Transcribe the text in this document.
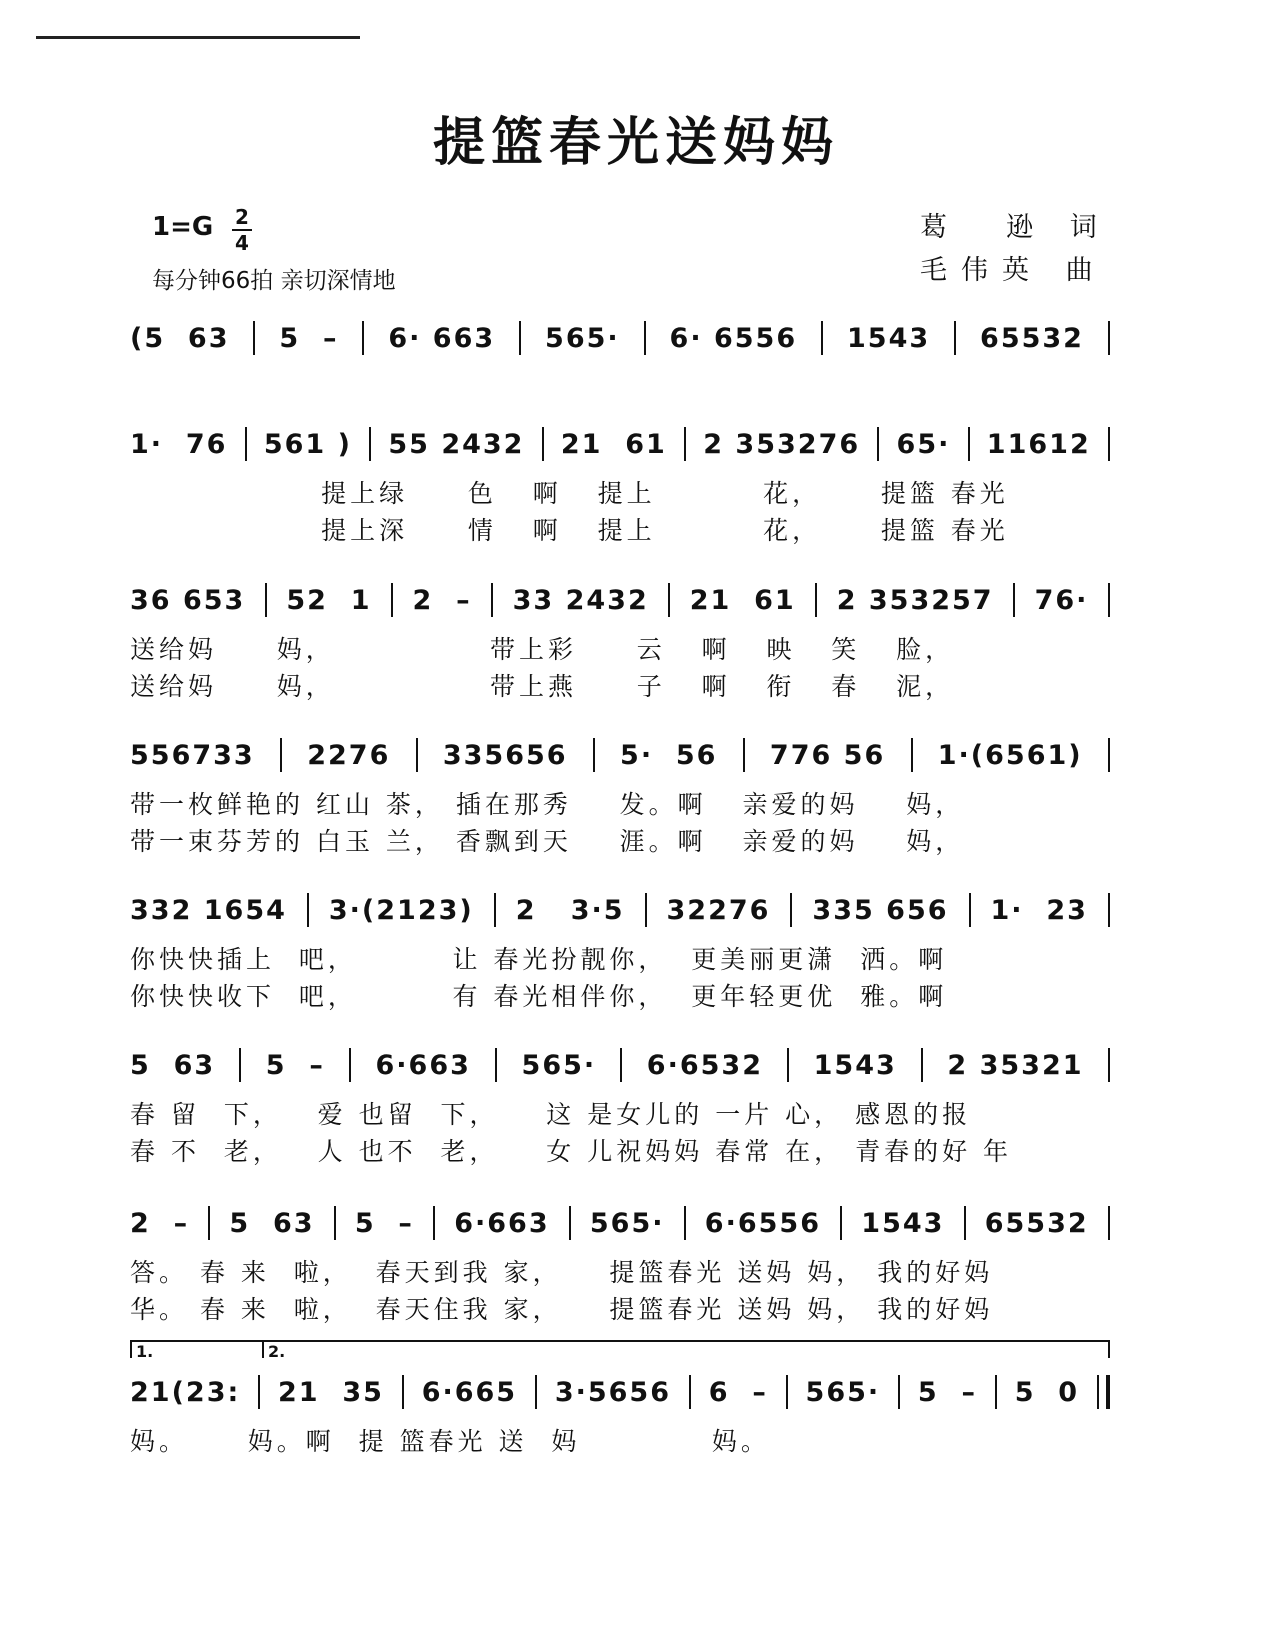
提篮春光送妈妈
1=G 2
4
每分钟66拍 亲切深情地
葛  逊 词
毛伟英 曲
(5  63 5  – 6· 663 565· 6· 6556 1543 65532
1·  76 561 ) 55 2432 21  61 2 353276 65· 11612
提上绿     色   啊   提上         花，     提篮 春光
提上深     情   啊   提上         花，     提篮 春光
36 653 52  1 2  – 33 2432 21  61 2 353257 76·
送给妈     妈，             带上彩     云   啊   映   笑   脸，
送给妈     妈，             带上燕     子   啊   衔   春   泥，
556733 2276 335656 5·  56 776 56 1·(6561)
带一枚鲜艳的 红山 茶， 插在那秀    发。啊   亲爱的妈    妈，
带一束芬芳的 白玉 兰， 香飘到天    涯。啊   亲爱的妈    妈，
332 1654 3·(2123) 2   3·5 32276 335 656 1·  23
你快快插上  吧，        让 春光扮靓你，  更美丽更潇  洒。啊
你快快收下  吧，        有 春光相伴你，  更年轻更优  雅。啊
5  63 5  – 6·663 565· 6·6532 1543 2 35321
春 留  下，   爱 也留  下，    这 是女儿的 一片 心， 感恩的报
春 不  老，   人 也不  老，    女 儿祝妈妈 春常 在， 青春的好 年
2  – 5  63 5  – 6·663 565· 6·6556 1543 65532
答。 春 来  啦，  春天到我 家，    提篮春光 送妈 妈， 我的好妈
华。 春 来  啦，  春天住我 家，    提篮春光 送妈 妈， 我的好妈
21(23: 21  35 6·665 3·5656 6  – 565· 5  – 5  0
妈。     妈。啊  提 篮春光 送  妈           妈。
1.	2.
